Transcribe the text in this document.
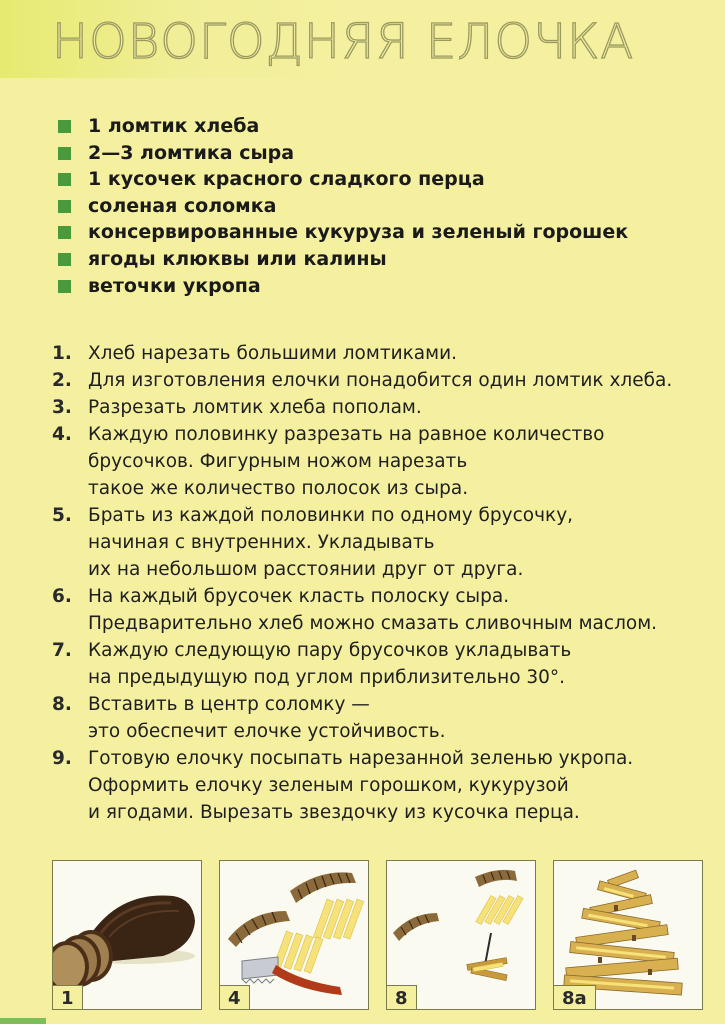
НОВОГОДНЯЯ ЕЛОЧКА
1 ломтик хлеба
2—3 ломтика сыра
1 кусочек красного сладкого перца
соленая соломка
консервированные кукуруза и зеленый горошек
ягоды клюквы или калины
веточки укропа
1. Хлеб нарезать большими ломтиками.
2. Для изготовления елочки понадобится один ломтик хлеба.
3. Разрезать ломтик хлеба пополам.
4. Каждую половинку разрезать на равное количество
брусочков. Фигурным ножом нарезать
такое же количество полосок из сыра.
5. Брать из каждой половинки по одному брусочку,
начиная с внутренних. Укладывать
их на небольшом расстоянии друг от друга.
6. На каждый брусочек класть полоску сыра.
Предварительно хлеб можно смазать сливочным маслом.
7. Каждую следующую пару брусочков укладывать
на предыдущую под углом приблизительно 30°.
8. Вставить в центр соломку —
это обеспечит елочке устойчивость.
9. Готовую елочку посыпать нарезанной зеленью укропа.
Оформить елочку зеленым горошком, кукурузой
и ягодами. Вырезать звездочку из кусочка перца.
1	4	8	8а
